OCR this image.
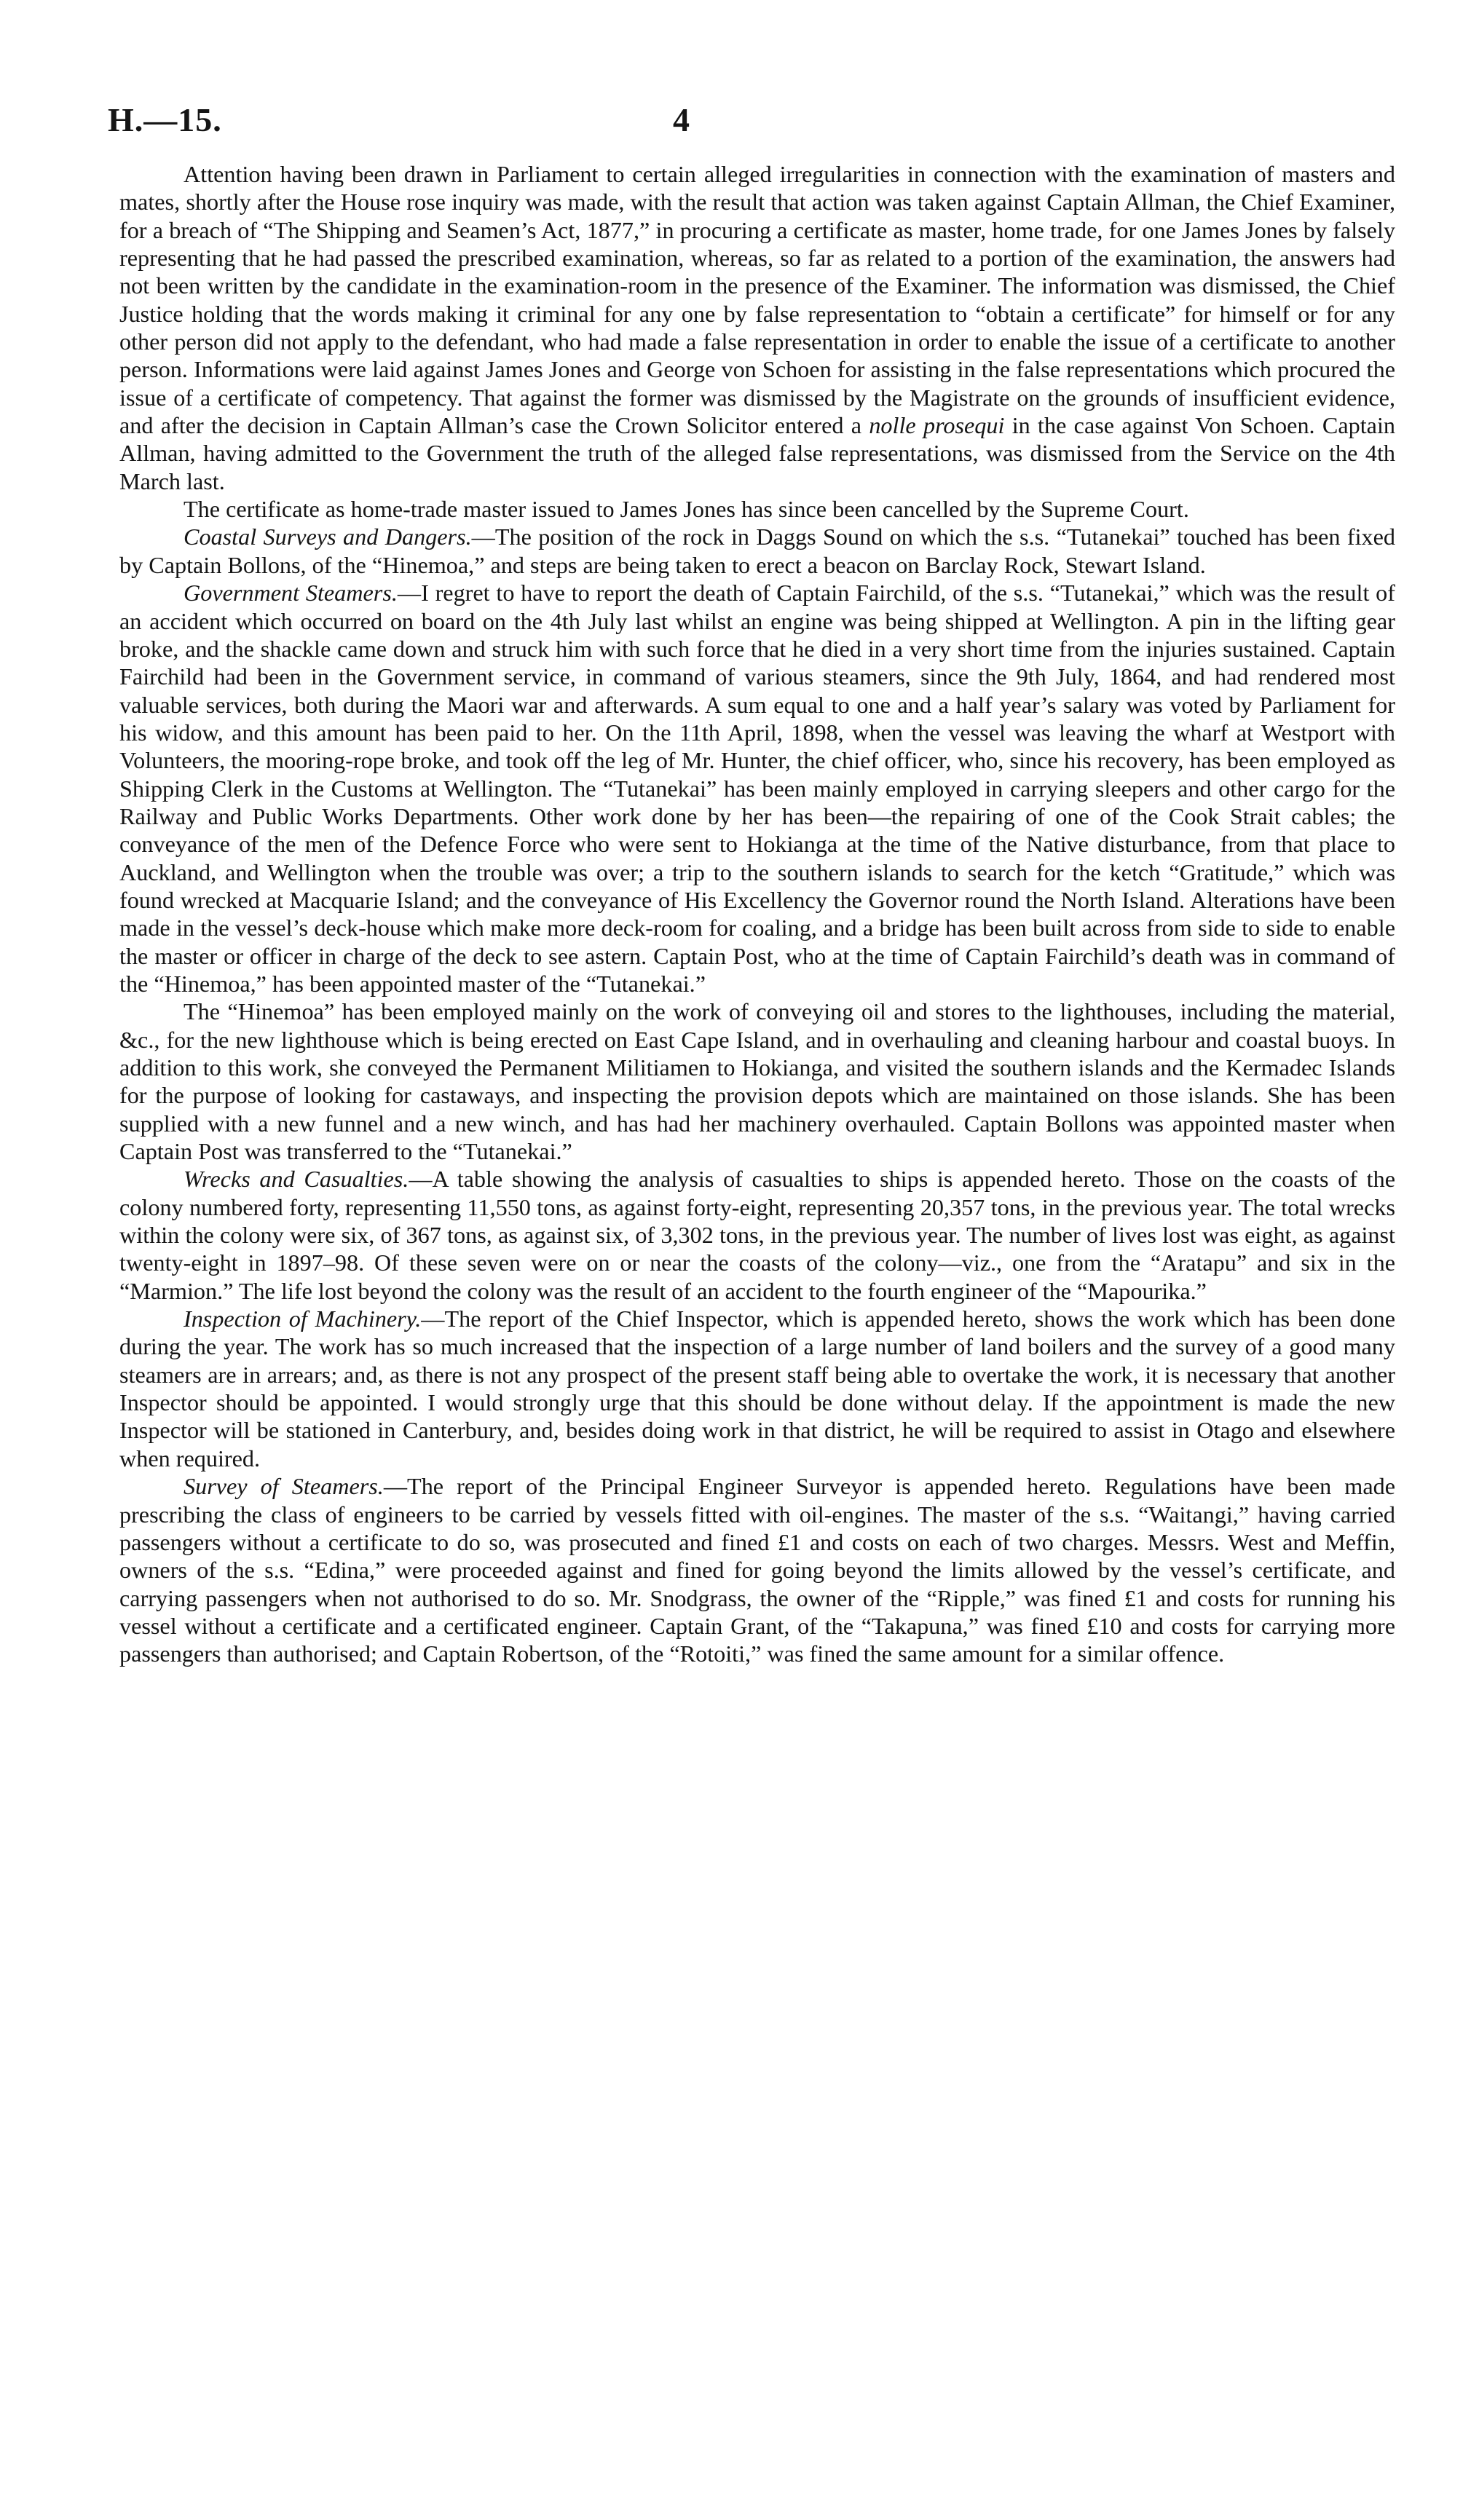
H.—15.	4

Attention having been drawn in Parliament to certain alleged irregularities in connection with the examination of masters and mates, shortly after the House rose inquiry was made, with the result that action was taken against Captain Allman, the Chief Examiner, for a breach of “The Shipping and Seamen’s Act, 1877,” in procuring a certificate as master, home trade, for one James Jones by falsely representing that he had passed the prescribed examination, whereas, so far as related to a portion of the examination, the answers had not been written by the candidate in the examination-room in the presence of the Examiner. The information was dismissed, the Chief Justice holding that the words making it criminal for any one by false representation to “obtain a certificate” for himself or for any other person did not apply to the defendant, who had made a false representation in order to enable the issue of a certificate to another person. Informations were laid against James Jones and George von Schoen for assisting in the false representations which procured the issue of a certificate of competency. That against the former was dismissed by the Magistrate on the grounds of insufficient evidence, and after the decision in Captain Allman’s case the Crown Solicitor entered a nolle prosequi in the case against Von Schoen. Captain Allman, having admitted to the Government the truth of the alleged false representations, was dismissed from the Service on the 4th March last.

The certificate as home-trade master issued to James Jones has since been cancelled by the Supreme Court.

Coastal Surveys and Dangers.—The position of the rock in Daggs Sound on which the s.s. “Tutanekai” touched has been fixed by Captain Bollons, of the “Hinemoa,” and steps are being taken to erect a beacon on Barclay Rock, Stewart Island.

Government Steamers.—I regret to have to report the death of Captain Fairchild, of the s.s. “Tutanekai,” which was the result of an accident which occurred on board on the 4th July last whilst an engine was being shipped at Wellington. A pin in the lifting gear broke, and the shackle came down and struck him with such force that he died in a very short time from the injuries sustained. Captain Fairchild had been in the Government service, in command of various steamers, since the 9th July, 1864, and had rendered most valuable services, both during the Maori war and afterwards. A sum equal to one and a half year’s salary was voted by Parliament for his widow, and this amount has been paid to her. On the 11th April, 1898, when the vessel was leaving the wharf at Westport with Volunteers, the mooring-rope broke, and took off the leg of Mr. Hunter, the chief officer, who, since his recovery, has been employed as Shipping Clerk in the Customs at Wellington. The “Tutanekai” has been mainly employed in carrying sleepers and other cargo for the Railway and Public Works Departments. Other work done by her has been—the repairing of one of the Cook Strait cables; the conveyance of the men of the Defence Force who were sent to Hokianga at the time of the Native disturbance, from that place to Auckland, and Wellington when the trouble was over; a trip to the southern islands to search for the ketch “Gratitude,” which was found wrecked at Macquarie Island; and the conveyance of His Excellency the Governor round the North Island. Alterations have been made in the vessel’s deck-house which make more deck-room for coaling, and a bridge has been built across from side to side to enable the master or officer in charge of the deck to see astern. Captain Post, who at the time of Captain Fairchild’s death was in command of the “Hinemoa,” has been appointed master of the “Tutanekai.”

The “Hinemoa” has been employed mainly on the work of conveying oil and stores to the lighthouses, including the material, &c., for the new lighthouse which is being erected on East Cape Island, and in overhauling and cleaning harbour and coastal buoys. In addition to this work, she conveyed the Permanent Militiamen to Hokianga, and visited the southern islands and the Kermadec Islands for the purpose of looking for castaways, and inspecting the provision depots which are maintained on those islands. She has been supplied with a new funnel and a new winch, and has had her machinery overhauled. Captain Bollons was appointed master when Captain Post was transferred to the “Tutanekai.”

Wrecks and Casualties.—A table showing the analysis of casualties to ships is appended hereto. Those on the coasts of the colony numbered forty, representing 11,550 tons, as against forty-eight, representing 20,357 tons, in the previous year. The total wrecks within the colony were six, of 367 tons, as against six, of 3,302 tons, in the previous year. The number of lives lost was eight, as against twenty-eight in 1897–98. Of these seven were on or near the coasts of the colony—viz., one from the “Aratapu” and six in the “Marmion.” The life lost beyond the colony was the result of an accident to the fourth engineer of the “Mapourika.”

Inspection of Machinery.—The report of the Chief Inspector, which is appended hereto, shows the work which has been done during the year. The work has so much increased that the inspection of a large number of land boilers and the survey of a good many steamers are in arrears; and, as there is not any prospect of the present staff being able to overtake the work, it is necessary that another Inspector should be appointed. I would strongly urge that this should be done without delay. If the appointment is made the new Inspector will be stationed in Canterbury, and, besides doing work in that district, he will be required to assist in Otago and elsewhere when required.

Survey of Steamers.—The report of the Principal Engineer Surveyor is appended hereto. Regulations have been made prescribing the class of engineers to be carried by vessels fitted with oil-engines. The master of the s.s. “Waitangi,” having carried passengers without a certificate to do so, was prosecuted and fined £1 and costs on each of two charges. Messrs. West and Meffin, owners of the s.s. “Edina,” were proceeded against and fined for going beyond the limits allowed by the vessel’s certificate, and carrying passengers when not authorised to do so. Mr. Snodgrass, the owner of the “Ripple,” was fined £1 and costs for running his vessel without a certificate and a certificated engineer. Captain Grant, of the “Takapuna,” was fined £10 and costs for carrying more passengers than authorised; and Captain Robertson, of the “Rotoiti,” was fined the same amount for a similar offence.
